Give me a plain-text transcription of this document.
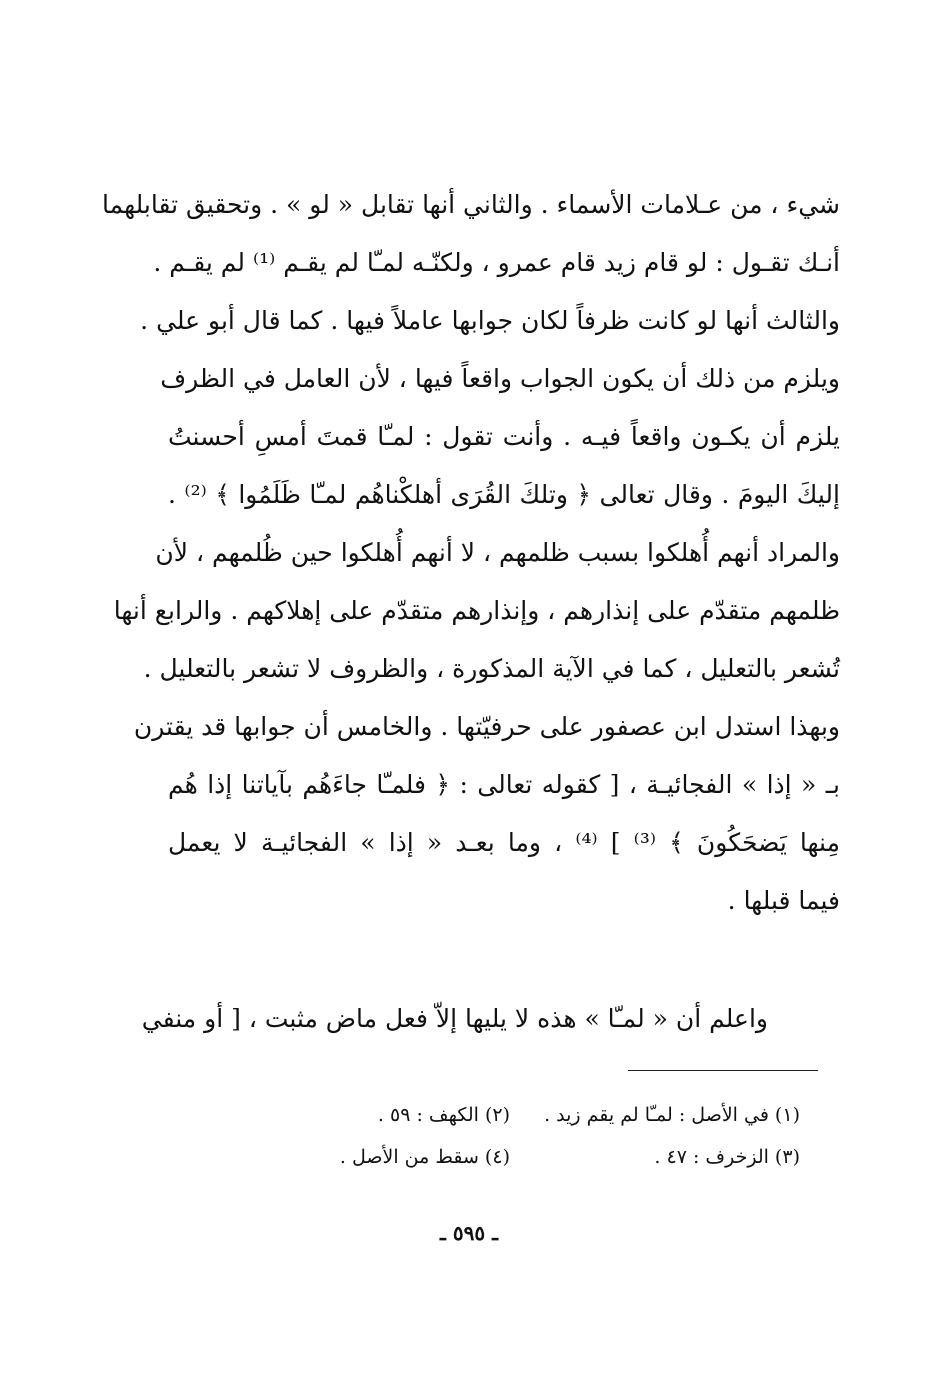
شيء ، من عـلامات الأسماء . والثاني أنها تقابل « لو » . وتحقيق تقابلهما
أنـك تقـول : لو قام زيد قام عمرو ، ولكنّـه لمـّا لم يقـم ⁽¹⁾ لم يقـم .
والثالث أنها لو كانت ظرفاً لكان جوابها عاملاً فيها . كما قال أبو علي .
ويلزم من ذلك أن يكون الجواب واقعاً فيها ، لأن العامل في الظرف
يلزم أن يكـون واقعاً فيـه . وأنت تقول : لمـّا قمتَ أمسِ أحسنتُ
إليكَ اليومَ . وقال تعالى ﴿ وتلكَ القُرَى أهلكْناهُم لمـّا ظَلَمُوا ﴾ ⁽²⁾ .
والمراد أنهم أُهلكوا بسبب ظلمهم ، لا أنهم أُهلكوا حين ظُلمهم ، لأن
ظلمهم متقدّم على إنذارهم ، وإنذارهم متقدّم على إهلاكهم . والرابع أنها
تُشعر بالتعليل ، كما في الآية المذكورة ، والظروف لا تشعر بالتعليل .
وبهذا استدل ابن عصفور على حرفيّتها . والخامس أن جوابها قد يقترن
بـ « إذا » الفجائيـة ، [ كقوله تعالى : ﴿ فلمـّا جاءَهُم بآياتنا إذا هُم
مِنها يَضحَكُونَ ﴾ ⁽³⁾ ] ⁽⁴⁾ ، وما بعـد « إذا » الفجائيـة لا يعمل
فيما قبلها .
واعلم أن « لمـّا » هذه لا يليها إلاّ فعل ماض مثبت ، [ أو منفي
(١) في الأصل : لمـّا لم يقم زيد .
(٢) الكهف : ٥٩ .
(٣) الزخرف : ٤٧ .
(٤) سقط من الأصل .
ـ ٥٩٥ ـ
